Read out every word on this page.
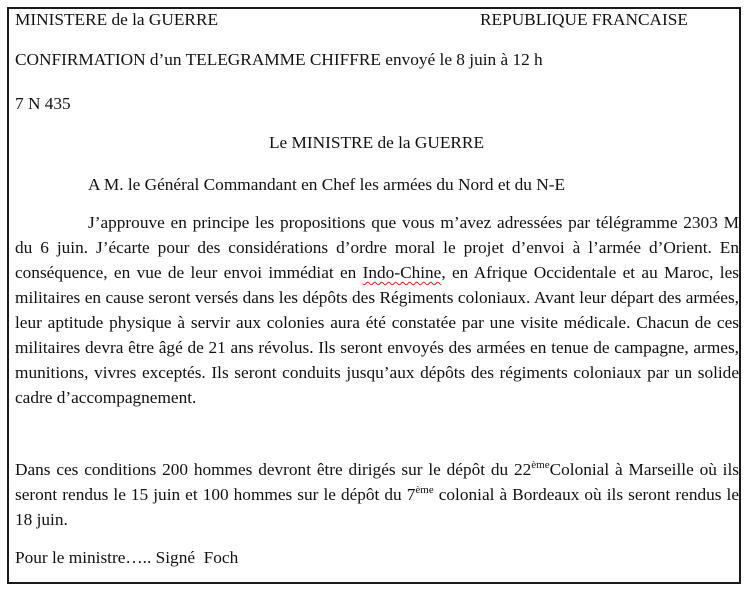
MINISTERE de la GUERRE	REPUBLIQUE FRANCAISE
CONFIRMATION d’un TELEGRAMME CHIFFRE envoyé le 8 juin à 12 h
7 N 435
Le MINISTRE de la GUERRE
A M. le Général Commandant en Chef les armées du Nord et du N-E
J’approuve en principe les propositions que vous m’avez adressées par télégramme 2303 M du 6 juin. J’écarte pour des considérations d’ordre moral le projet d’envoi à l’armée d’Orient. En conséquence, en vue de leur envoi immédiat en Indo-Chine, en Afrique Occidentale et au Maroc, les militaires en cause seront versés dans les dépôts des Régiments coloniaux. Avant leur départ des armées, leur aptitude physique à servir aux colonies aura été constatée par une visite médicale. Chacun de ces militaires devra être âgé de 21 ans révolus. Ils seront envoyés des armées en tenue de campagne, armes, munitions, vivres exceptés. Ils seront conduits jusqu’aux dépôts des régiments coloniaux par un solide cadre d’accompagnement.
Dans ces conditions 200 hommes devront être dirigés sur le dépôt du 22èmeColonial à Marseille où ils seront rendus le 15 juin et 100 hommes sur le dépôt du 7ème colonial à Bordeaux où ils seront rendus le 18 juin.
Pour le ministre….. Signé  Foch
